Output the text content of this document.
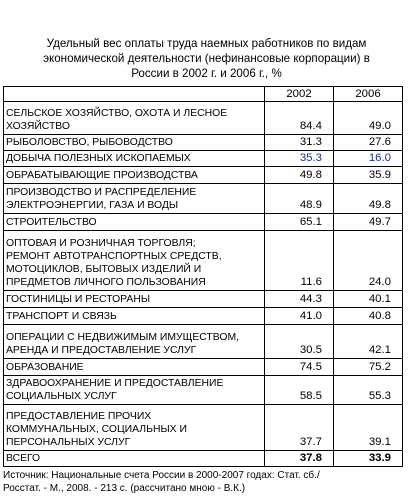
Удельный вес оплаты труда наемных работников по видам
экономической деятельности (нефинансовые корпорации) в
России в 2002 г. и 2006 г., %
	2002	2006

СЕЛЬСКОЕ ХОЗЯЙСТВО, ОХОТА И ЛЕСНОЕ
ХОЗЯЙСТВО	84.4	49.0

РЫБОЛОВСТВО, РЫБОВОДСТВО	31.3	27.6

ДОБЫЧА ПОЛЕЗНЫХ ИСКОПАЕМЫХ	35.3	16.0

ОБРАБАТЫВАЮЩИЕ ПРОИЗВОДСТВА	49.8	35.9

ПРОИЗВОДСТВО И РАСПРЕДЕЛЕНИЕ
ЭЛЕКТРОЭНЕРГИИ, ГАЗА И ВОДЫ	48.9	49.8

СТРОИТЕЛЬСТВО	65.1	49.7

ОПТОВАЯ И РОЗНИЧНАЯ ТОРГОВЛЯ;
РЕМОНТ АВТОТРАНСПОРТНЫХ СРЕДСТВ,
МОТОЦИКЛОВ, БЫТОВЫХ ИЗДЕЛИЙ И
ПРЕДМЕТОВ ЛИЧНОГО ПОЛЬЗОВАНИЯ	11.6	24.0

ГОСТИНИЦЫ И РЕСТОРАНЫ	44.3	40.1

ТРАНСПОРТ И СВЯЗЬ	41.0	40.8

ОПЕРАЦИИ С НЕДВИЖИМЫМ ИМУЩЕСТВОМ,
АРЕНДА И ПРЕДОСТАВЛЕНИЕ УСЛУГ	30.5	42.1

ОБРАЗОВАНИЕ	74.5	75.2

ЗДРАВООХРАНЕНИЕ И ПРЕДОСТАВЛЕНИЕ
СОЦИАЛЬНЫХ УСЛУГ	58.5	55.3

ПРЕДОСТАВЛЕНИЕ ПРОЧИХ
КОММУНАЛЬНЫХ, СОЦИАЛЬНЫХ И
ПЕРСОНАЛЬНЫХ УСЛУГ	37.7	39.1

ВСЕГО	37.8	33.9
Источник: Национальные счета России в 2000-2007 годах: Стат. сб./
Росстат. - М., 2008. - 213 с. (рассчитано мною - В.К.)
